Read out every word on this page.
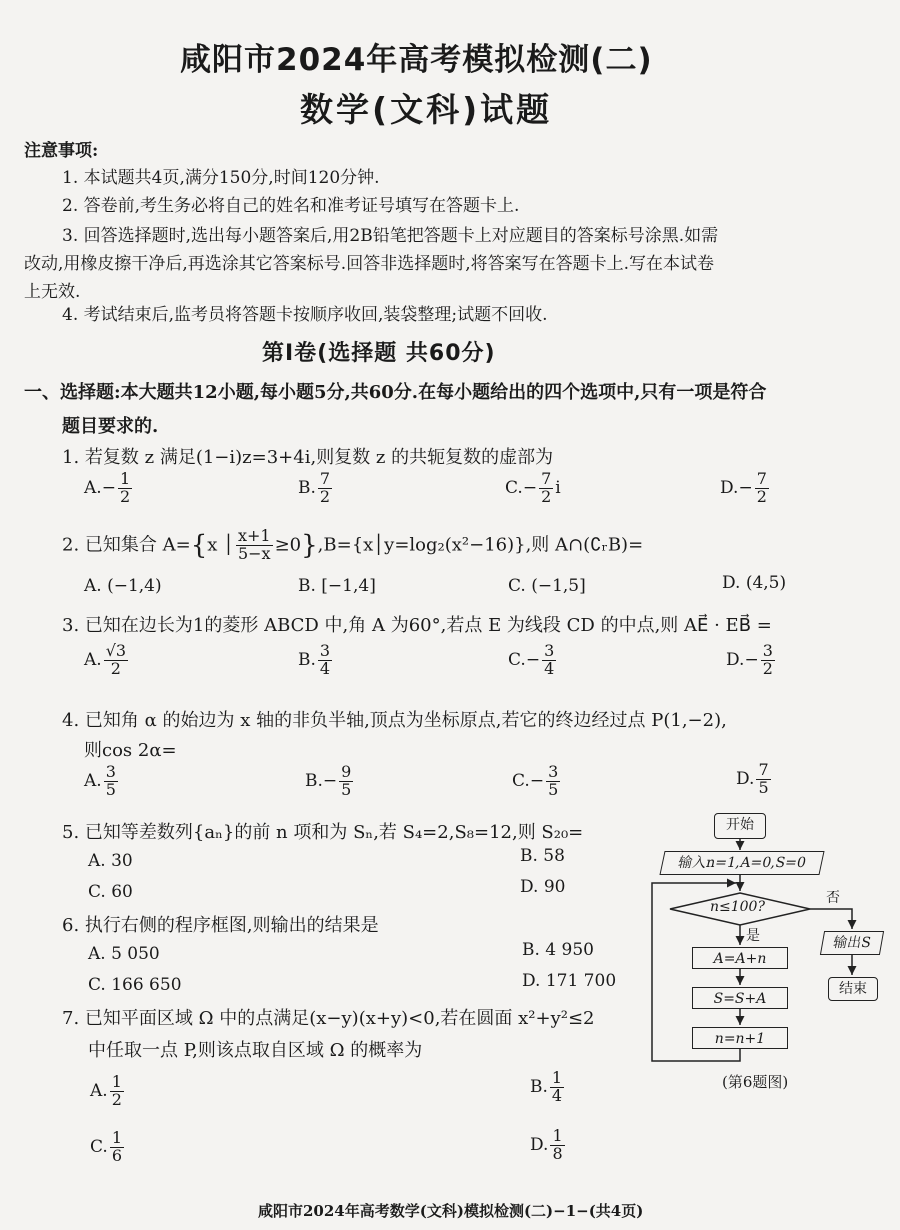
咸阳市2024年高考模拟检测(二)
数学(文科)试题
注意事项:
1. 本试题共4页,满分150分,时间120分钟.
2. 答卷前,考生务必将自己的姓名和准考证号填写在答题卡上.
3. 回答选择题时,选出每小题答案后,用2B铅笔把答题卡上对应题目的答案标号涂黑.如需
改动,用橡皮擦干净后,再选涂其它答案标号.回答非选择题时,将答案写在答题卡上.写在本试卷
上无效.
4. 考试结束后,监考员将答题卡按顺序收回,装袋整理;试题不回收.
第Ⅰ卷(选择题 共60分)
一、选择题:本大题共12小题,每小题5分,共60分.在每小题给出的四个选项中,只有一项是符合
题目要求的.
1. 若复数 z 满足(1−i)z=3+4i,则复数 z 的共轭复数的虚部为
$A.- \frac{1}{2}$	B. $\frac{7}{2}$	$C.- \frac{7}{2}$ i	$D.- \frac{7}{2}$
2. 已知集合 A={x │ $\frac{x+1}{5-x}$ ≥0},B={x│y=log₂(x²−16)},则 A∩(∁ᵣB)=
A. (−1,4)	B. [−1,4]	C. (−1,5]	D. (4,5)
3. 已知在边长为1的菱形 ABCD 中,角 A 为60°,若点 E 为线段 CD 的中点,则 AE⃗ · EB⃗ =
A. $\frac{√3}{2}$	B. $\frac{3}{4}$	$C.- \frac{3}{4}$	$D.- \frac{3}{2}$
4. 已知角 α 的始边为 x 轴的非负半轴,顶点为坐标原点,若它的终边经过点 P(1,−2),
则cos 2α=
A. $\frac{3}{5}$	$B.- \frac{9}{5}$	$C.- \frac{3}{5}$	D. $\frac{7}{5}$
5. 已知等差数列{aₙ}的前 n 项和为 Sₙ,若 S₄=2,S₈=12,则 S₂₀=
A. 30	B. 58
C. 60	D. 90
6. 执行右侧的程序框图,则输出的结果是
A. 5 050	B. 4 950
C. 166 650	D. 171 700
7. 已知平面区域 Ω 中的点满足(x−y)(x+y)<0,若在圆面 x²+y²≤2
中任取一点 P,则该点取自区域 Ω 的概率为
A. $\frac{1}{2}$	B. $\frac{1}{4}$
C. $\frac{1}{6}$	D. $\frac{1}{8}$
开始
输入n=1,A=0,S=0
n≤100?
否
是	输出S
结束
A=A+n
S=S+A
n=n+1
(第6题图)
咸阳市2024年高考数学(文科)模拟检测(二)−1−(共4页)
